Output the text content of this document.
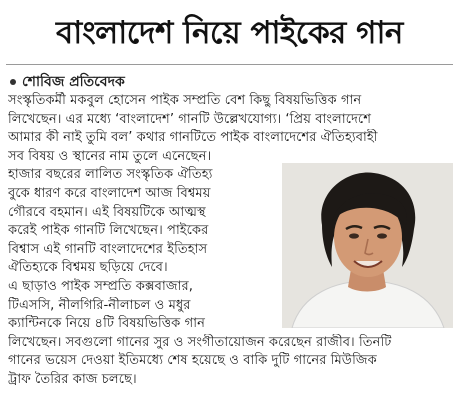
বাংলাদেশ নিয়ে পাইকের গান
শোবিজ প্রতিবেদক
সংস্কৃতিকর্মী মকবুল হোসেন পাইক সম্প্রতি বেশ কিছু বিষয়ভিত্তিক গান
লিখেছেন। এর মধ্যে ‘বাংলাদেশ’ গানটি উল্লেখযোগ্য। ‘প্রিয় বাংলাদেশে
আমার কী নাই তুমি বল’ কথার গানটিতে পাইক বাংলাদেশের ঐতিহ্যবাহী
সব বিষয় ও স্থানের নাম তুলে এনেছেন।
হাজার বছরের লালিত সংস্কৃতিক ঐতিহ্য
বুকে ধারণ করে বাংলাদেশ আজ বিশ্বময়
গৌরবে বহমান। এই বিষয়টিকে আত্মস্থ
করেই পাইক গানটি লিখেছেন। পাইকের
বিশ্বাস এই গানটি বাংলাদেশের ইতিহাস
ঐতিহ্যকে বিশ্বময় ছড়িয়ে দেবে।
এ ছাড়াও পাইক সম্প্রতি কক্সবাজার,
টিএসসি, নীলগিরি-নীলাচল ও মধুর
ক্যান্টিনকে নিয়ে ৪টি বিষয়ভিত্তিক গান
লিখেছেন। সবগুলো গানের সুর ও সংগীতায়োজন করেছেন রাজীব। তিনটি
গানের ভয়েস দেওয়া ইতিমধ্যে শেষ হয়েছে ও বাকি দুটি গানের মিউজিক
ট্রাফ তৈরির কাজ চলছে।
